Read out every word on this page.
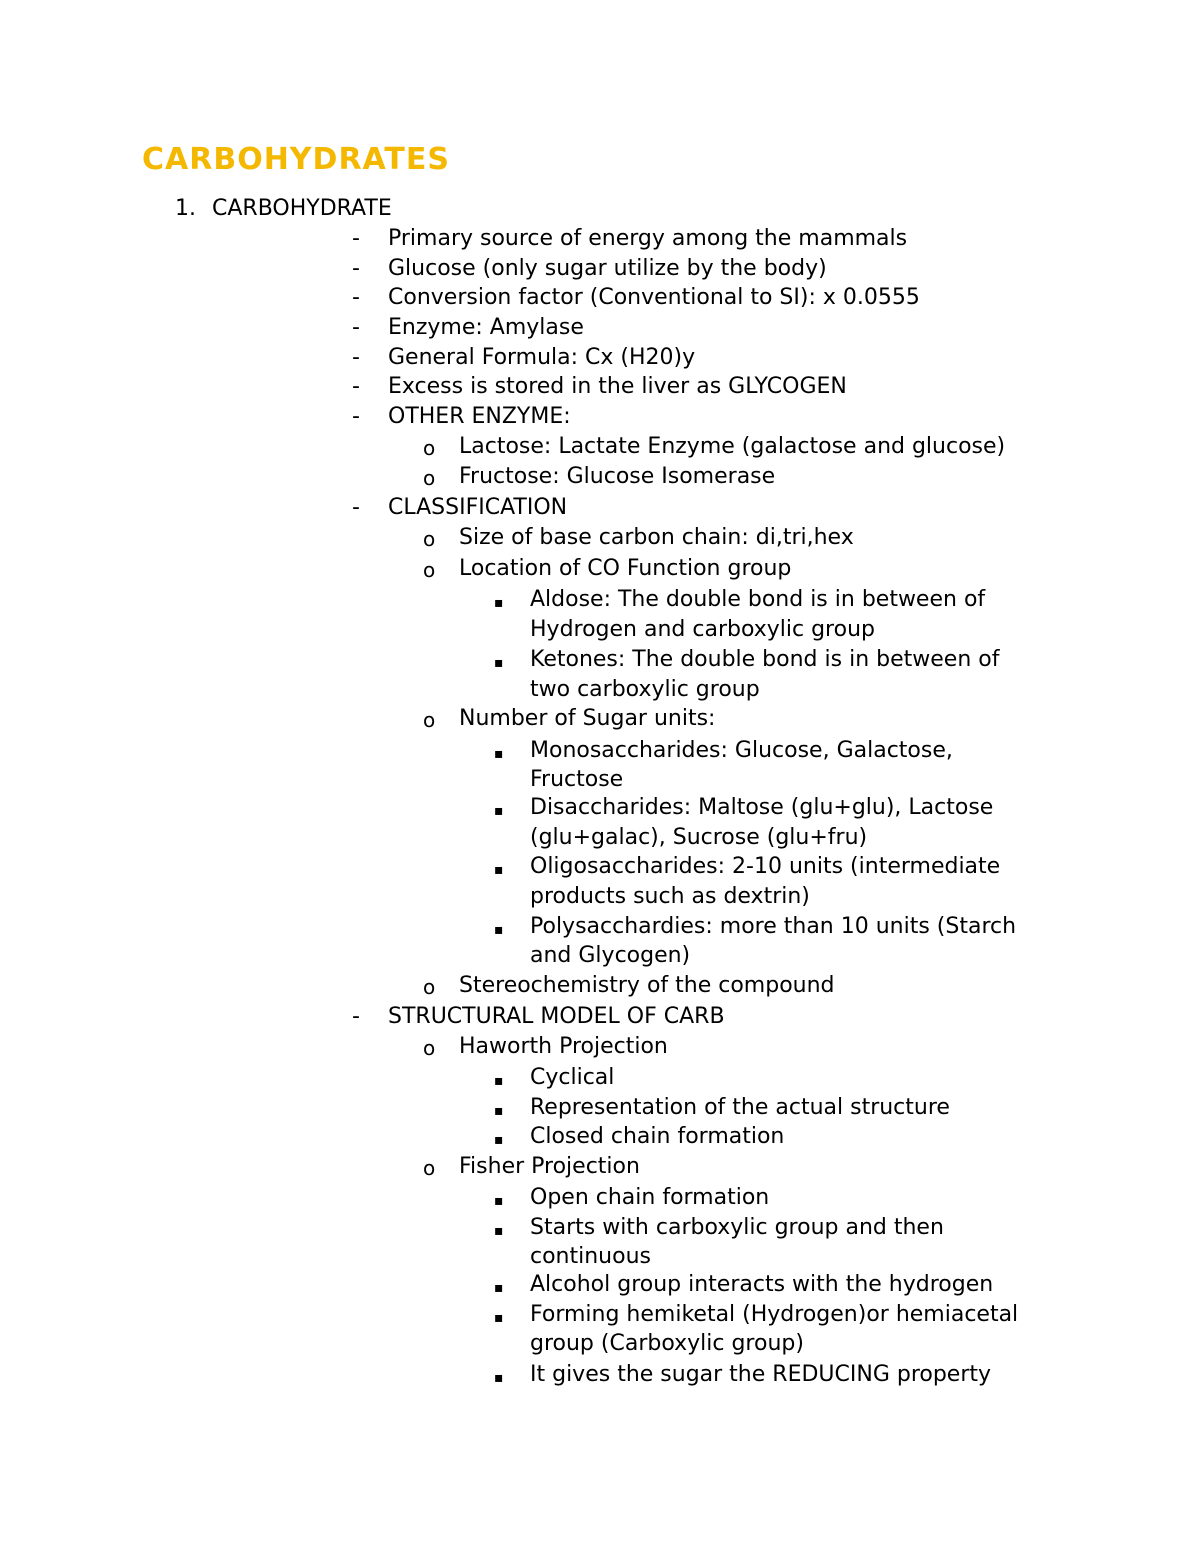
CARBOHYDRATES
1. CARBOHYDRATE
- Primary source of energy among the mammals
- Glucose (only sugar utilize by the body)
- Conversion factor (Conventional to SI): x 0.0555
- Enzyme: Amylase
- General Formula: Cx (H20)y
- Excess is stored in the liver as GLYCOGEN
- OTHER ENZYME:
o Lactose: Lactate Enzyme (galactose and glucose)
o Fructose: Glucose Isomerase
- CLASSIFICATION
o Size of base carbon chain: di,tri,hex
o Location of CO Function group
▪ Aldose: The double bond is in between of
Hydrogen and carboxylic group
▪ Ketones: The double bond is in between of
two carboxylic group
o Number of Sugar units:
▪ Monosaccharides: Glucose, Galactose,
Fructose
▪ Disaccharides: Maltose (glu+glu), Lactose
(glu+galac), Sucrose (glu+fru)
▪ Oligosaccharides: 2-10 units (intermediate
products such as dextrin)
▪ Polysacchardies: more than 10 units (Starch
and Glycogen)
o Stereochemistry of the compound
- STRUCTURAL MODEL OF CARB
o Haworth Projection
▪ Cyclical
▪ Representation of the actual structure
▪ Closed chain formation
o Fisher Projection
▪ Open chain formation
▪ Starts with carboxylic group and then
continuous
▪ Alcohol group interacts with the hydrogen
▪ Forming hemiketal (Hydrogen)or hemiacetal
group (Carboxylic group)
▪ It gives the sugar the REDUCING property
